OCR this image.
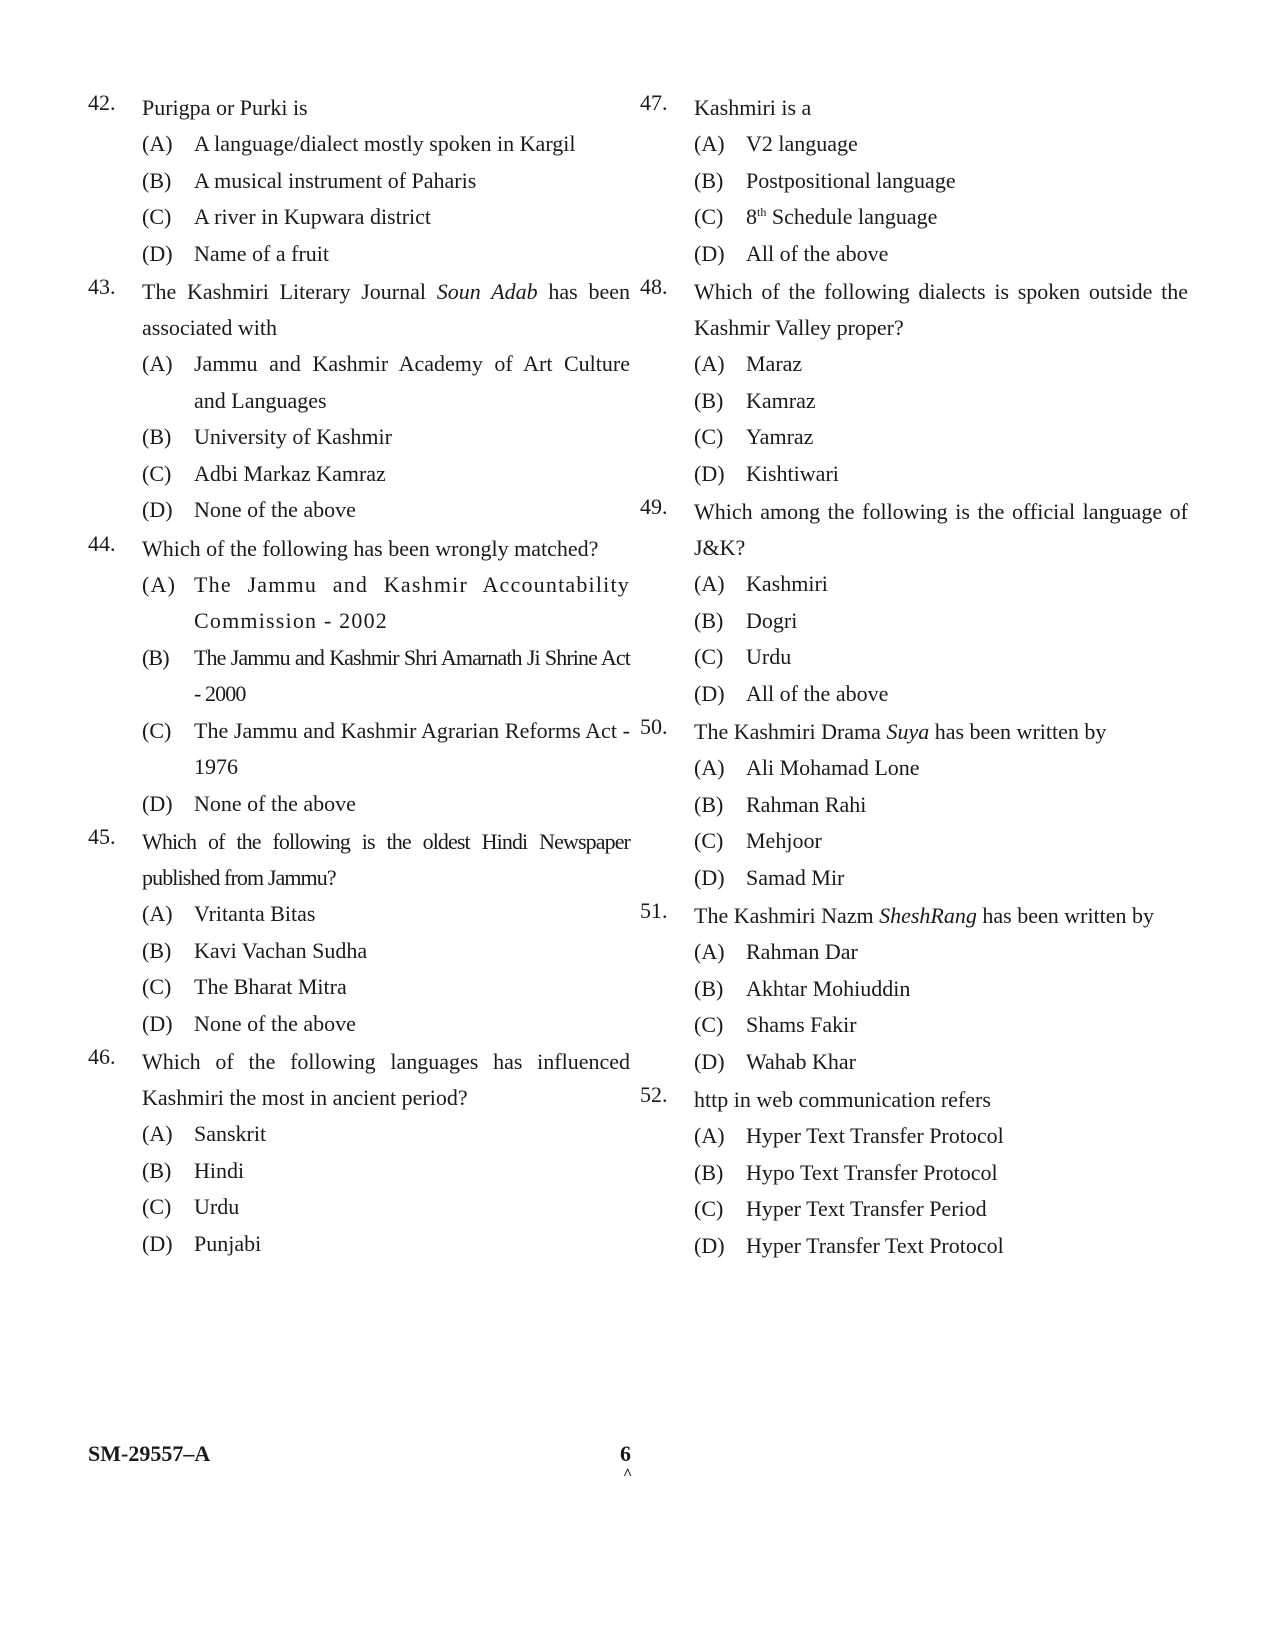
42. Purigpa or Purki is

(A) A language/dialect mostly spoken in Kargil

(B) A musical instrument of Paharis

(C) A river in Kupwara district

(D) Name of a fruit

43. The Kashmiri Literary Journal Soun Adab has been associated with

(A) Jammu and Kashmir Academy of Art Culture and Languages

(B) University of Kashmir

(C) Adbi Markaz Kamraz

(D) None of the above

44. Which of the following has been wrongly matched?

(A) The Jammu and Kashmir Accountability Commission - 2002

(B) The Jammu and Kashmir Shri Amarnath Ji Shrine Act - 2000

(C) The Jammu and Kashmir Agrarian Reforms Act - 1976

(D) None of the above

45. Which of the following is the oldest Hindi Newspaper published from Jammu?

(A) Vritanta Bitas

(B) Kavi Vachan Sudha

(C) The Bharat Mitra

(D) None of the above

46. Which of the following languages has influenced Kashmiri the most in ancient period?

(A) Sanskrit

(B) Hindi

(C) Urdu

(D) Punjabi

47. Kashmiri is a

(A) V2 language

(B) Postpositional language

(C) 8th Schedule language

(D) All of the above

48. Which of the following dialects is spoken outside the Kashmir Valley proper?

(A) Maraz

(B) Kamraz

(C) Yamraz

(D) Kishtiwari

49. Which among the following is the official language of J&K?

(A) Kashmiri

(B) Dogri

(C) Urdu

(D) All of the above

50. The Kashmiri Drama Suya has been written by

(A) Ali Mohamad Lone

(B) Rahman Rahi

(C) Mehjoor

(D) Samad Mir

51. The Kashmiri Nazm SheshRang has been written by

(A) Rahman Dar

(B) Akhtar Mohiuddin

(C) Shams Fakir

(D) Wahab Khar

52. http in web communication refers

(A) Hyper Text Transfer Protocol

(B) Hypo Text Transfer Protocol

(C) Hyper Text Transfer Period

(D) Hyper Transfer Text Protocol

SM-29557–A	6
^
